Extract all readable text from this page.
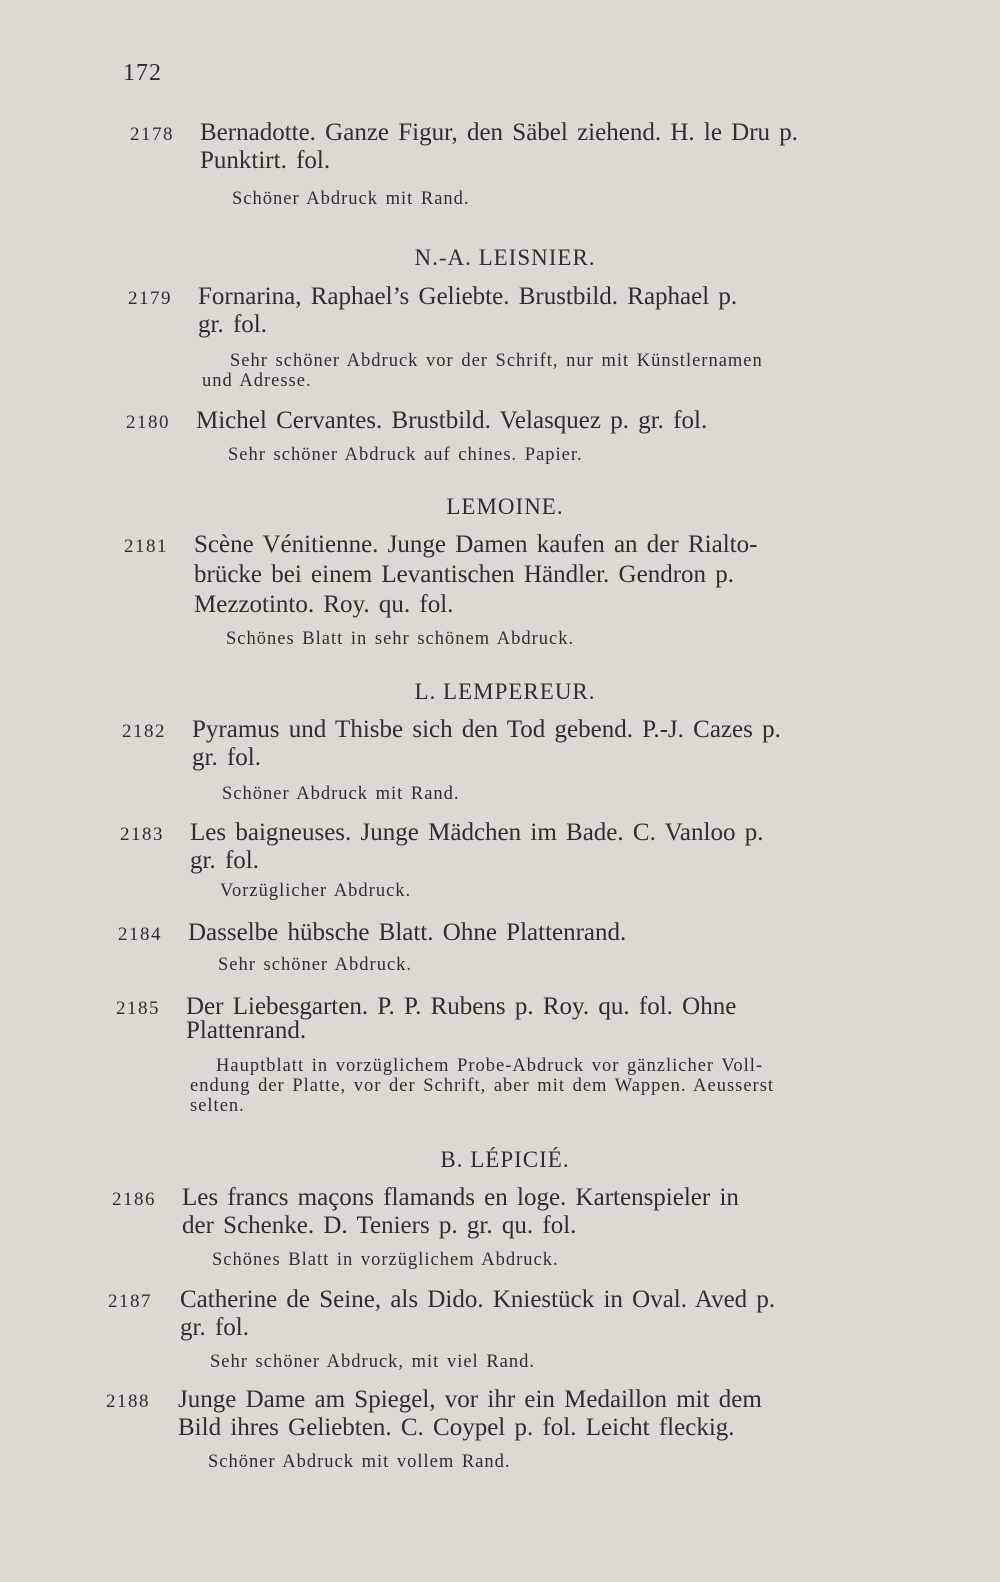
172
2178 Bernadotte. Ganze Figur, den Säbel ziehend. H. le Dru p.
Punktirt. fol.
Schöner Abdruck mit Rand.
N.-A. LEISNIER.
2179 Fornarina, Raphael’s Geliebte. Brustbild. Raphael p.
gr. fol.
Sehr schöner Abdruck vor der Schrift, nur mit Künstlernamen
und Adresse.
2180 Michel Cervantes. Brustbild. Velasquez p. gr. fol.
Sehr schöner Abdruck auf chines. Papier.
LEMOINE.
2181 Scène Vénitienne. Junge Damen kaufen an der Rialto-
brücke bei einem Levantischen Händler. Gendron p.
Mezzotinto. Roy. qu. fol.
Schönes Blatt in sehr schönem Abdruck.
L. LEMPEREUR.
2182 Pyramus und Thisbe sich den Tod gebend. P.-J. Cazes p.
gr. fol.
Schöner Abdruck mit Rand.
2183 Les baigneuses. Junge Mädchen im Bade. C. Vanloo p.
gr. fol.
Vorzüglicher Abdruck.
2184 Dasselbe hübsche Blatt. Ohne Plattenrand.
Sehr schöner Abdruck.
2185 Der Liebesgarten. P. P. Rubens p. Roy. qu. fol. Ohne
Plattenrand.
Hauptblatt in vorzüglichem Probe-Abdruck vor gänzlicher Voll-
endung der Platte, vor der Schrift, aber mit dem Wappen. Aeusserst
selten.
B. LÉPICIÉ.
2186 Les francs maçons flamands en loge. Kartenspieler in
der Schenke. D. Teniers p. gr. qu. fol.
Schönes Blatt in vorzüglichem Abdruck.
2187 Catherine de Seine, als Dido. Kniestück in Oval. Aved p.
gr. fol.
Sehr schöner Abdruck, mit viel Rand.
2188 Junge Dame am Spiegel, vor ihr ein Medaillon mit dem
Bild ihres Geliebten. C. Coypel p. fol. Leicht fleckig.
Schöner Abdruck mit vollem Rand.
